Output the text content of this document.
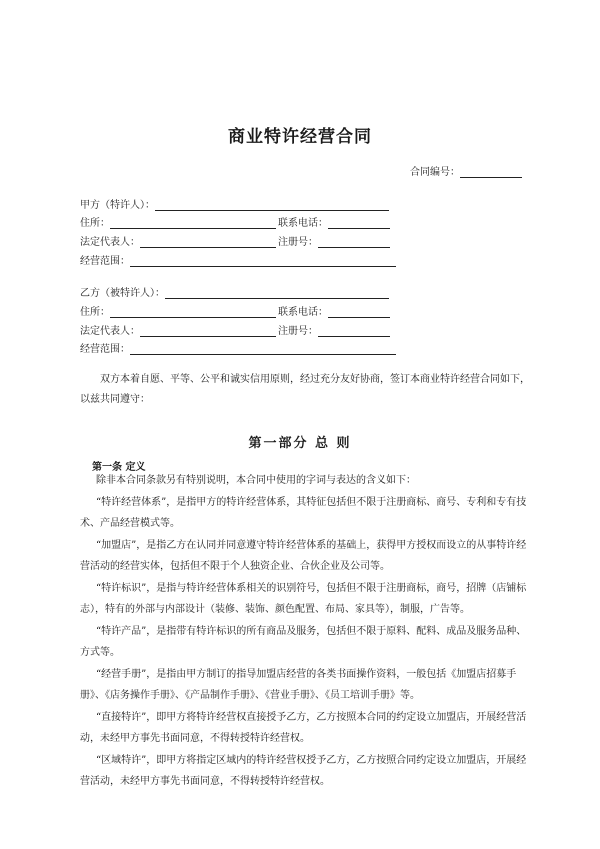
商业特许经营合同
合同编号：
甲方（特许人）：
住所：	联系电话：
法定代表人：	注册号：
经营范围：
乙方（被特许人）：
住所：	联系电话：
法定代表人：	注册号：
经营范围：
双方本着自愿、平等、公平和诚实信用原则，经过充分友好协商，签订本商业特许经营合同如下，以兹共同遵守：
第一部分 总 则
第一条 定义

除非本合同条款另有特别说明，本合同中使用的字词与表达的含义如下：

“特许经营体系”，是指甲方的特许经营体系，其特征包括但不限于注册商标、商号、专利和专有技术、产品经营模式等。

“加盟店”，是指乙方在认同并同意遵守特许经营体系的基础上，获得甲方授权而设立的从事特许经营活动的经营实体，包括但不限于个人独资企业、合伙企业及公司等。

“特许标识”，是指与特许经营体系相关的识别符号，包括但不限于注册商标，商号，招牌（店铺标志），特有的外部与内部设计（装修、装饰、颜色配置、布局、家具等），制服，广告等。

“特许产品”，是指带有特许标识的所有商品及服务，包括但不限于原料、配料、成品及服务品种、方式等。

“经营手册”，是指由甲方制订的指导加盟店经营的各类书面操作资料，一般包括《加盟店招募手册》、《店务操作手册》、《产品制作手册》、《营业手册》、《员工培训手册》等。

“直接特许”，即甲方将特许经营权直接授予乙方，乙方按照本合同的约定设立加盟店，开展经营活动，未经甲方事先书面同意，不得转授特许经营权。

“区域特许”，即甲方将指定区域内的特许经营权授予乙方，乙方按照合同约定设立加盟店，开展经营活动，未经甲方事先书面同意，不得转授特许经营权。
